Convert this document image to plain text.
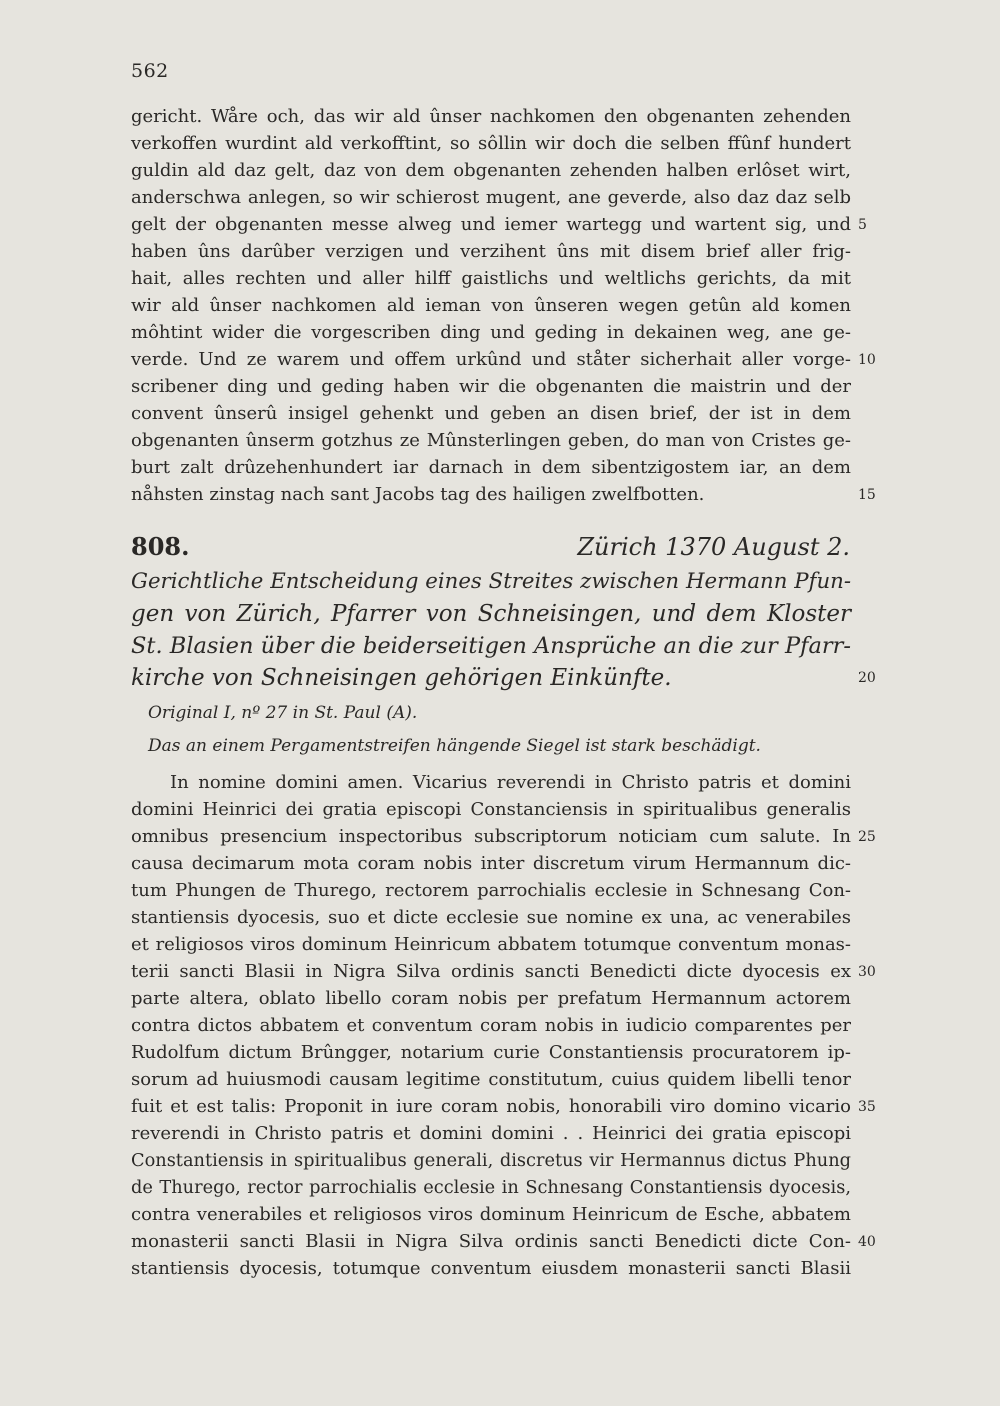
562
gericht. Wåre och, das wir ald ûnser nachkomen den obgenanten zehenden
verkoffen wurdint ald verkofftint, so sôllin wir doch die selben ffûnf hundert
guldin ald daz gelt, daz von dem obgenanten zehenden halben erlôset wirt,
anderschwa anlegen, so wir schierost mugent, ane geverde, also daz daz selb
gelt der obgenanten messe alweg und iemer wartegg und wartent sig, und 5
haben ûns darûber verzigen und verzihent ûns mit disem brief aller frig-
hait, alles rechten und aller hilff gaistlichs und weltlichs gerichts, da mit
wir ald ûnser nachkomen ald ieman von ûnseren wegen getûn ald komen
môhtint wider die vorgescriben ding und geding in dekainen weg, ane ge-
verde. Und ze warem und offem urkûnd und ståter sicherhait aller vorge- 10
scribener ding und geding haben wir die obgenanten die maistrin und der
convent ûnserû insigel gehenkt und geben an disen brief, der ist in dem
obgenanten ûnserm gotzhus ze Mûnsterlingen geben, do man von Cristes ge-
burt zalt drûzehenhundert iar darnach in dem sibentzigostem iar, an dem
nåhsten zinstag nach sant Jacobs tag des hailigen zwelfbotten.	15
808.	Zürich 1370 August 2.
Gerichtliche Entscheidung eines Streites zwischen Hermann Pfun-
gen von Zürich, Pfarrer von Schneisingen, und dem Kloster
St. Blasien über die beiderseitigen Ansprüche an die zur Pfarr-
kirche von Schneisingen gehörigen Einkünfte.	20
Original I, nº 27 in St. Paul (A).
Das an einem Pergamentstreifen hängende Siegel ist stark beschädigt.
In nomine domini amen. Vicarius reverendi in Christo patris et domini
domini Heinrici dei gratia episcopi Constanciensis in spiritualibus generalis
omnibus presencium inspectoribus subscriptorum noticiam cum salute. In 25
causa decimarum mota coram nobis inter discretum virum Hermannum dic-
tum Phungen de Thurego, rectorem parrochialis ecclesie in Schnesang Con-
stantiensis dyocesis, suo et dicte ecclesie sue nomine ex una, ac venerabiles
et religiosos viros dominum Heinricum abbatem totumque conventum monas-
terii sancti Blasii in Nigra Silva ordinis sancti Benedicti dicte dyocesis ex 30
parte altera, oblato libello coram nobis per prefatum Hermannum actorem
contra dictos abbatem et conventum coram nobis in iudicio comparentes per
Rudolfum dictum Brûngger, notarium curie Constantiensis procuratorem ip-
sorum ad huiusmodi causam legitime constitutum, cuius quidem libelli tenor
fuit et est talis: Proponit in iure coram nobis, honorabili viro domino vicario 35
reverendi in Christo patris et domini domini . . Heinrici dei gratia episcopi
Constantiensis in spiritualibus generali, discretus vir Hermannus dictus Phung
de Thurego, rector parrochialis ecclesie in Schnesang Constantiensis dyocesis,
contra venerabiles et religiosos viros dominum Heinricum de Esche, abbatem
monasterii sancti Blasii in Nigra Silva ordinis sancti Benedicti dicte Con- 40
stantiensis dyocesis, totumque conventum eiusdem monasterii sancti Blasii
